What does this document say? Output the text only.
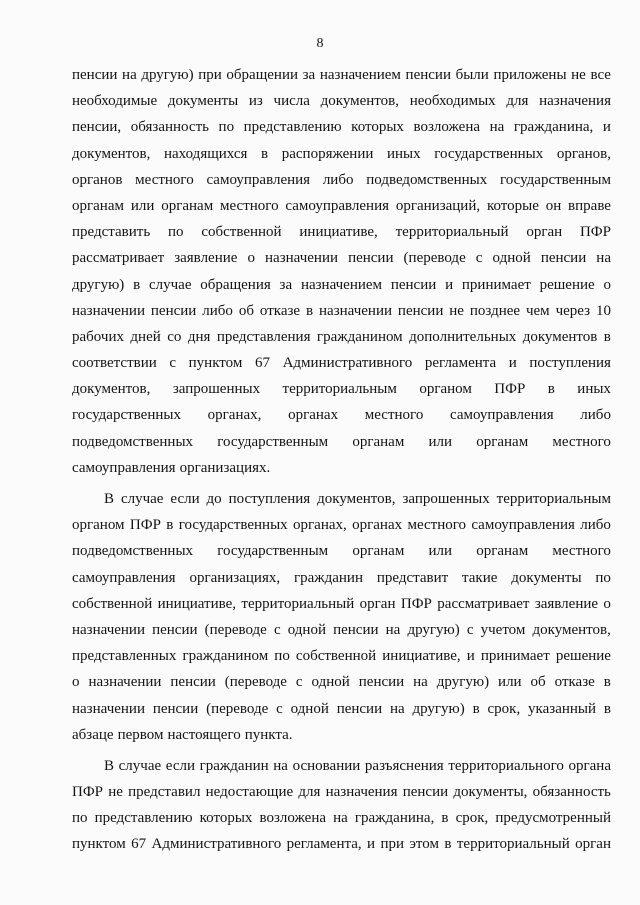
8
пенсии на другую) при обращении за назначением пенсии были приложены не все
необходимые документы из числа документов, необходимых для назначения
пенсии, обязанность по представлению которых возложена на гражданина, и
документов, находящихся в распоряжении иных государственных органов,
органов местного самоуправления либо подведомственных государственным
органам или органам местного самоуправления организаций, которые он вправе
представить по собственной инициативе, территориальный орган ПФР
рассматривает заявление о назначении пенсии (переводе с одной пенсии на
другую) в случае обращения за назначением пенсии и принимает решение о
назначении пенсии либо об отказе в назначении пенсии не позднее чем через 10
рабочих дней со дня представления гражданином дополнительных документов в
соответствии с пунктом 67 Административного регламента и поступления
документов, запрошенных территориальным органом ПФР в иных
государственных органах, органах местного самоуправления либо
подведомственных государственным органам или органам местного
самоуправления организациях.
В случае если до поступления документов, запрошенных территориальным
органом ПФР в государственных органах, органах местного самоуправления либо
подведомственных государственным органам или органам местного
самоуправления организациях, гражданин представит такие документы по
собственной инициативе, территориальный орган ПФР рассматривает заявление о
назначении пенсии (переводе с одной пенсии на другую) с учетом документов,
представленных гражданином по собственной инициативе, и принимает решение
о назначении пенсии (переводе с одной пенсии на другую) или об отказе в
назначении пенсии (переводе с одной пенсии на другую) в срок, указанный в
абзаце первом настоящего пункта.
В случае если гражданин на основании разъяснения территориального органа
ПФР не представил недостающие для назначения пенсии документы, обязанность
по представлению которых возложена на гражданина, в срок, предусмотренный
пунктом 67 Административного регламента, и при этом в территориальный орган
